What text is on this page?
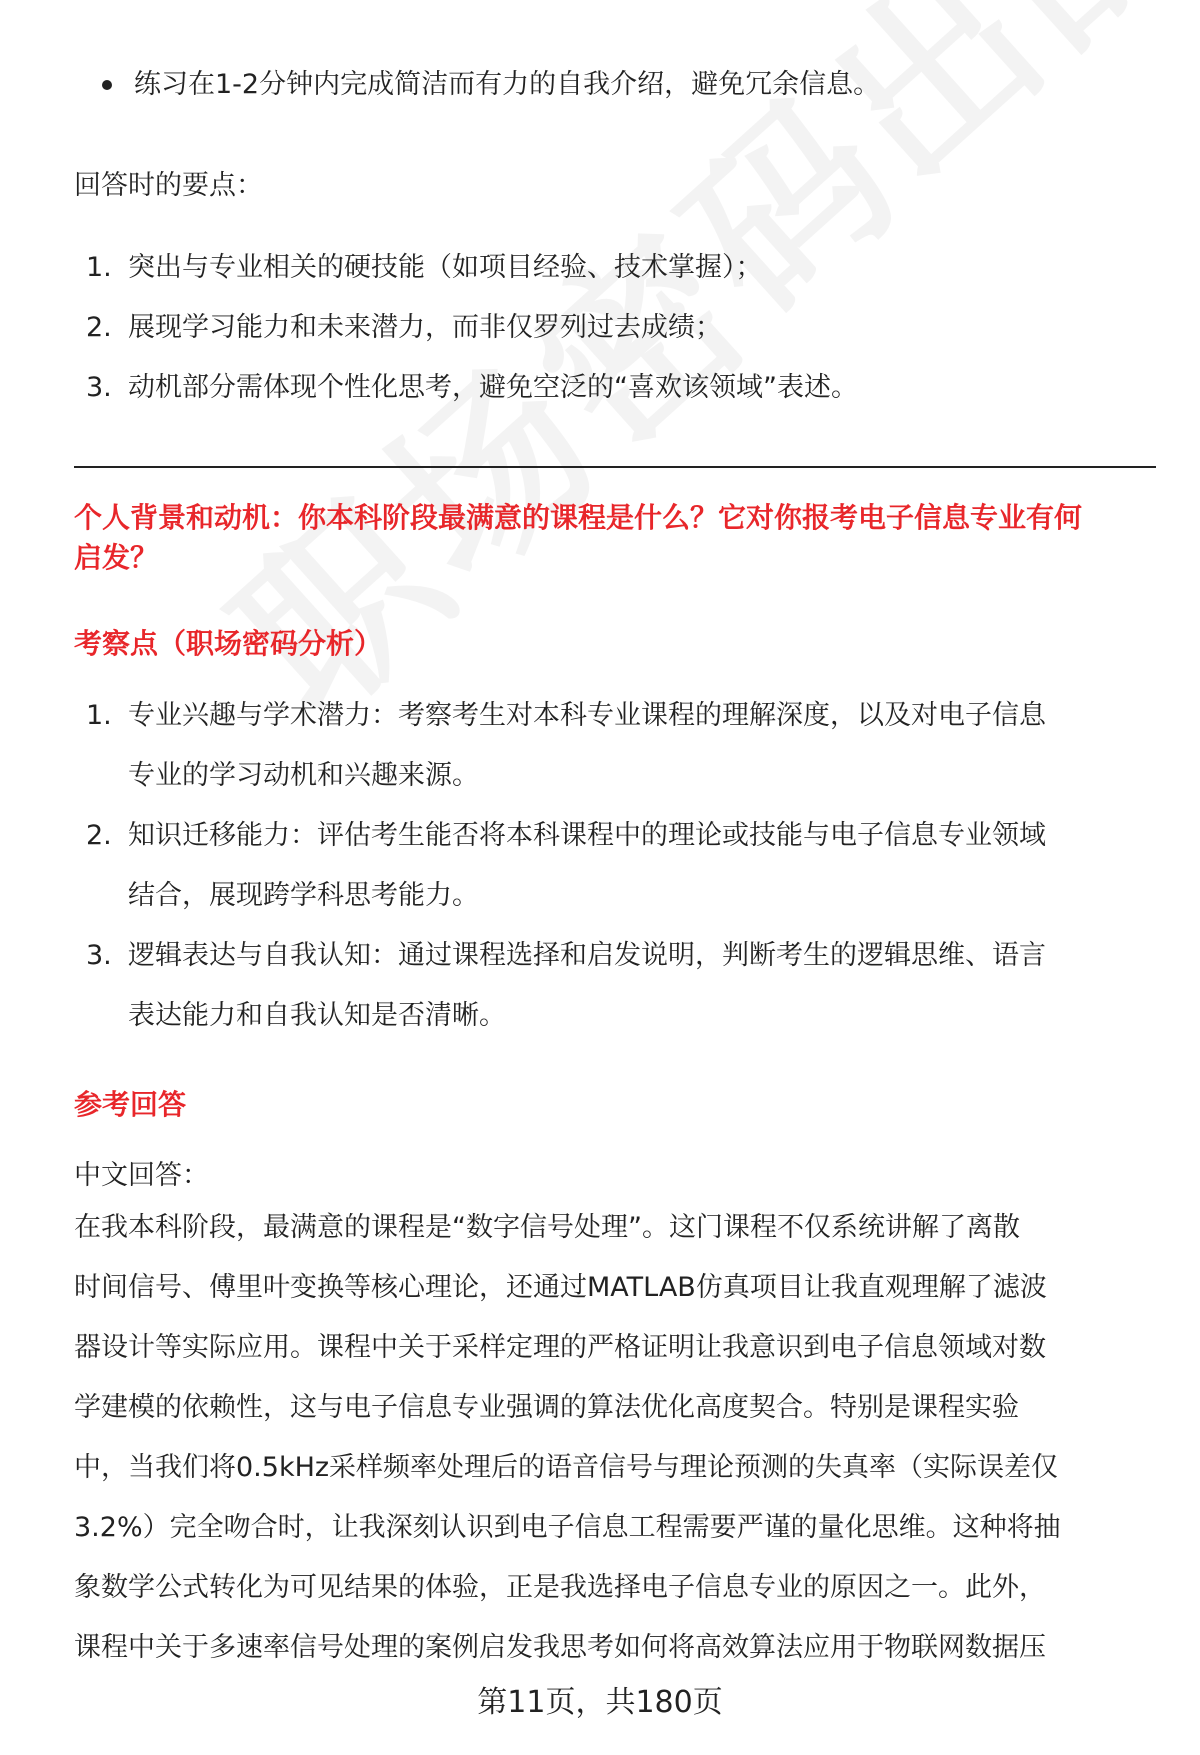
练习在1-2分钟内完成简洁而有力的自我介绍，避免冗余信息。
回答时的要点：
1. 突出与专业相关的硬技能（如项目经验、技术掌握）；
2. 展现学习能力和未来潜力，而非仅罗列过去成绩；
3. 动机部分需体现个性化思考，避免空泛的“喜欢该领域”表述。
个人背景和动机：你本科阶段最满意的课程是什么？它对你报考电子信息专业有何
启发？
考察点（职场密码分析）
1. 专业兴趣与学术潜力：考察考生对本科专业课程的理解深度，以及对电子信息
专业的学习动机和兴趣来源。
2. 知识迁移能力：评估考生能否将本科课程中的理论或技能与电子信息专业领域
结合，展现跨学科思考能力。
3. 逻辑表达与自我认知：通过课程选择和启发说明，判断考生的逻辑思维、语言
表达能力和自我认知是否清晰。
参考回答
中文回答：
在我本科阶段，最满意的课程是“数字信号处理”。这门课程不仅系统讲解了离散
时间信号、傅里叶变换等核心理论，还通过MATLAB仿真项目让我直观理解了滤波
器设计等实际应用。课程中关于采样定理的严格证明让我意识到电子信息领域对数
学建模的依赖性，这与电子信息专业强调的算法优化高度契合。特别是课程实验
中，当我们将0.5kHz采样频率处理后的语音信号与理论预测的失真率（实际误差仅
3.2%）完全吻合时，让我深刻认识到电子信息工程需要严谨的量化思维。这种将抽
象数学公式转化为可见结果的体验，正是我选择电子信息专业的原因之一。此外，
课程中关于多速率信号处理的案例启发我思考如何将高效算法应用于物联网数据压
第11页，共180页
